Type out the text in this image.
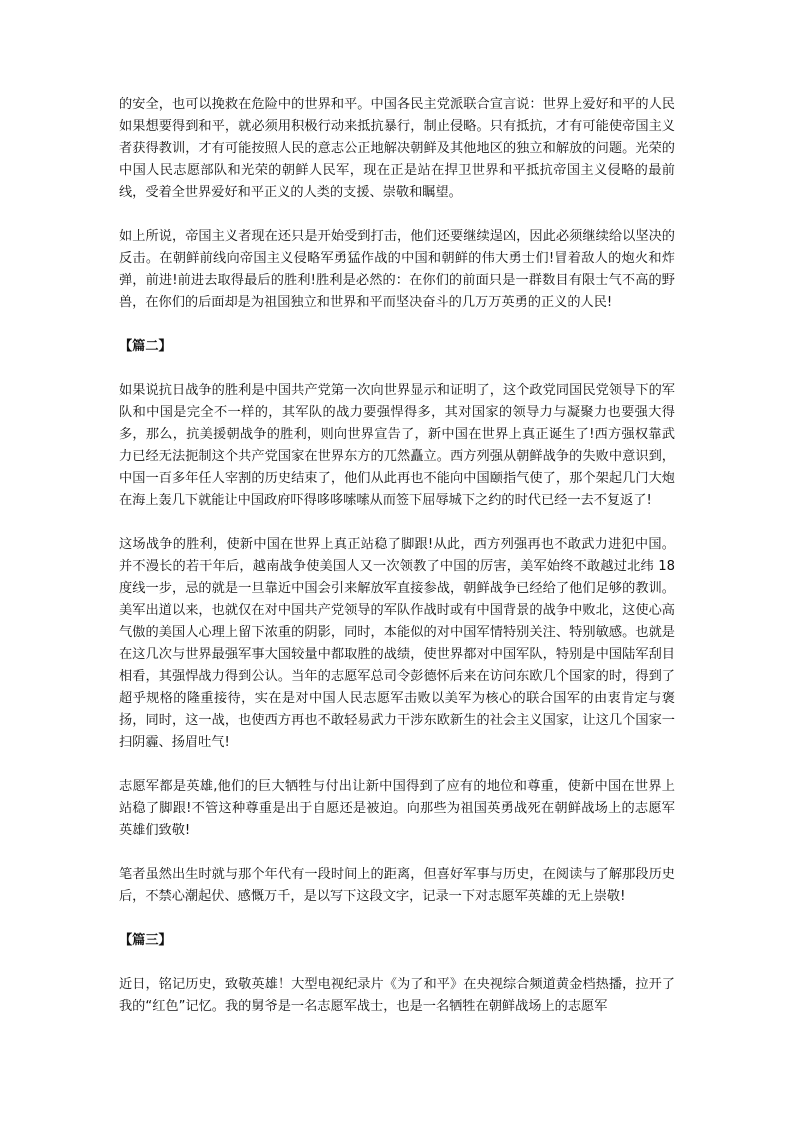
的安全，也可以挽救在危险中的世界和平。中国各民主党派联合宣言说：世界上爱好和平的人民如果想要得到和平，就必须用积极行动来抵抗暴行，制止侵略。只有抵抗，才有可能使帝国主义者获得教训，才有可能按照人民的意志公正地解决朝鲜及其他地区的独立和解放的问题。光荣的中国人民志愿部队和光荣的朝鲜人民军，现在正是站在捍卫世界和平抵抗帝国主义侵略的最前线，受着全世界爱好和平正义的人类的支援、崇敬和瞩望。

如上所说，帝国主义者现在还只是开始受到打击，他们还要继续逞凶，因此必须继续给以坚决的反击。在朝鲜前线向帝国主义侵略军勇猛作战的中国和朝鲜的伟大勇士们!冒着敌人的炮火和炸弹，前进!前进去取得最后的胜利!胜利是必然的：在你们的前面只是一群数目有限士气不高的野兽，在你们的后面却是为祖国独立和世界和平而坚决奋斗的几万万英勇的正义的人民!

【篇二】

如果说抗日战争的胜利是中国共产党第一次向世界显示和证明了，这个政党同国民党领导下的军队和中国是完全不一样的，其军队的战力要强悍得多，其对国家的领导力与凝聚力也要强大得多，那么，抗美援朝战争的胜利，则向世界宣告了，新中国在世界上真正诞生了!西方强权靠武力已经无法扼制这个共产党国家在世界东方的兀然矗立。西方列强从朝鲜战争的失败中意识到，中国一百多年任人宰割的历史结束了，他们从此再也不能向中国颐指气使了，那个架起几门大炮在海上轰几下就能让中国政府吓得哆哆嗦嗦从而签下屈辱城下之约的时代已经一去不复返了!

这场战争的胜利，使新中国在世界上真正站稳了脚跟!从此，西方列强再也不敢武力进犯中国。并不漫长的若干年后，越南战争使美国人又一次领教了中国的厉害，美军始终不敢越过北纬 18 度线一步，忌的就是一旦靠近中国会引来解放军直接参战，朝鲜战争已经给了他们足够的教训。美军出道以来，也就仅在对中国共产党领导的军队作战时或有中国背景的战争中败北，这使心高气傲的美国人心理上留下浓重的阴影，同时，本能似的对中国军情特别关注、特别敏感。也就是在这几次与世界最强军事大国较量中都取胜的战绩，使世界都对中国军队，特别是中国陆军刮目相看，其强悍战力得到公认。当年的志愿军总司令彭德怀后来在访问东欧几个国家的时，得到了超乎规格的隆重接待，实在是对中国人民志愿军击败以美军为核心的联合国军的由衷肯定与褒扬，同时，这一战，也使西方再也不敢轻易武力干涉东欧新生的社会主义国家，让这几个国家一扫阴霾、扬眉吐气!

志愿军都是英雄,他们的巨大牺牲与付出让新中国得到了应有的地位和尊重，使新中国在世界上站稳了脚跟!不管这种尊重是出于自愿还是被迫。向那些为祖国英勇战死在朝鲜战场上的志愿军英雄们致敬!

笔者虽然出生时就与那个年代有一段时间上的距离，但喜好军事与历史，在阅读与了解那段历史后，不禁心潮起伏、感慨万千，是以写下这段文字，记录一下对志愿军英雄的无上崇敬!

【篇三】

近日，铭记历史，致敬英雄！大型电视纪录片《为了和平》在央视综合频道黄金档热播，拉开了我的“红色”记忆。我的舅爷是一名志愿军战士，也是一名牺牲在朝鲜战场上的志愿军
